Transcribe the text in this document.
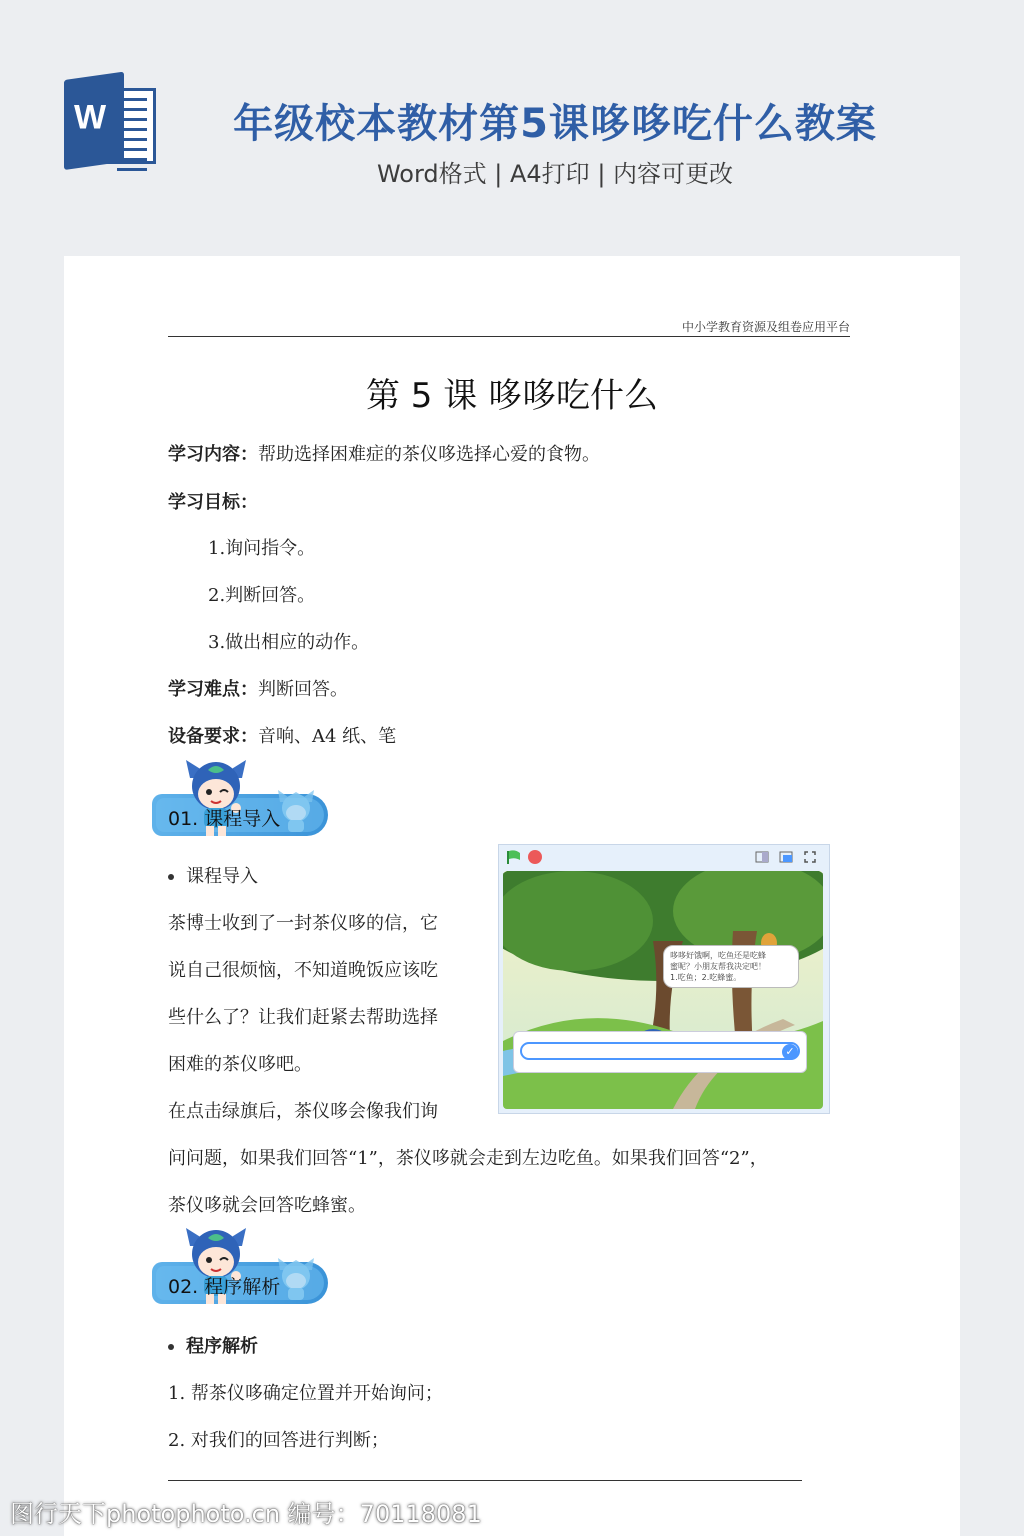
W	年级校本教材第5课哆哆吃什么教案
Word格式 | A4打印 | 内容可更改
中小学教育资源及组卷应用平台
第 5 课 哆哆吃什么
学习内容：帮助选择困难症的茶仪哆选择心爱的食物。
学习目标：
1.询问指令。
2.判断回答。
3.做出相应的动作。
学习难点：判断回答。
设备要求：音响、A4 纸、笔
01. 课程导入
课程导入
茶博士收到了一封茶仪哆的信，它
说自己很烦恼，不知道晚饭应该吃
些什么了？让我们赶紧去帮助选择
困难的茶仪哆吧。
在点击绿旗后，茶仪哆会像我们询
问问题，如果我们回答“1”，茶仪哆就会走到左边吃鱼。如果我们回答“2”，
茶仪哆就会回答吃蜂蜜。
哆哆好饿啊，吃鱼还是吃蜂
蜜呢？小朋友帮我决定吧！
1.吃鱼；2.吃蜂蜜。
✓
02. 程序解析
程序解析
1. 帮茶仪哆确定位置并开始询问；
2. 对我们的回答进行判断；
图行天下photophoto.cn 编号：70118081
